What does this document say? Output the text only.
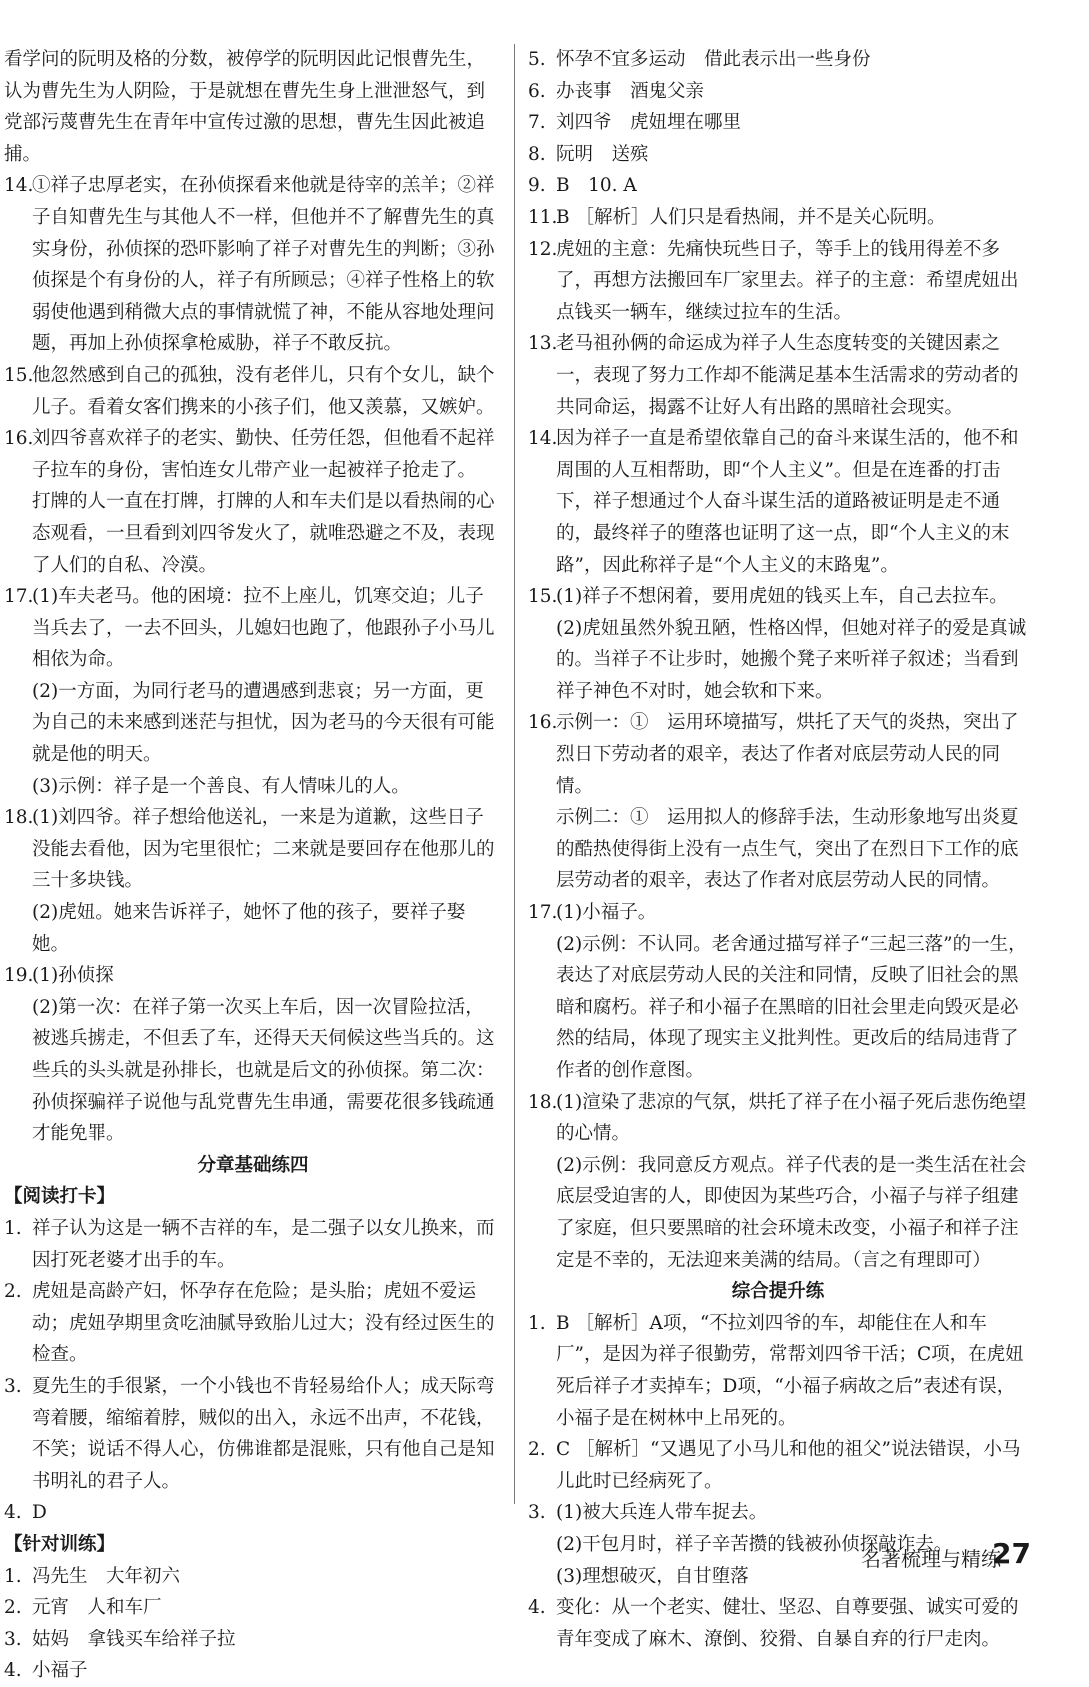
看学问的阮明及格的分数，被停学的阮明因此记恨曹先生，认为曹先生为人阴险，于是就想在曹先生身上泄泄怒气，到党部污蔑曹先生在青年中宣传过激的思想，曹先生因此被追捕。
14.
①祥子忠厚老实，在孙侦探看来他就是待宰的羔羊；②祥子自知曹先生与其他人不一样，但他并不了解曹先生的真实身份，孙侦探的恐吓影响了祥子对曹先生的判断；③孙侦探是个有身份的人，祥子有所顾忌；④祥子性格上的软弱使他遇到稍微大点的事情就慌了神，不能从容地处理问题，再加上孙侦探拿枪威胁，祥子不敢反抗。
15.
他忽然感到自己的孤独，没有老伴儿，只有个女儿，缺个儿子。看着女客们携来的小孩子们，他又羡慕，又嫉妒。
16.
刘四爷喜欢祥子的老实、勤快、任劳任怨，但他看不起祥子拉车的身份，害怕连女儿带产业一起被祥子抢走了。
打牌的人一直在打牌，打牌的人和车夫们是以看热闹的心态观看，一旦看到刘四爷发火了，就唯恐避之不及，表现了人们的自私、冷漠。
17.
(1)车夫老马。他的困境：拉不上座儿，饥寒交迫；儿子当兵去了，一去不回头，儿媳妇也跑了，他跟孙子小马儿相依为命。
(2)一方面，为同行老马的遭遇感到悲哀；另一方面，更为自己的未来感到迷茫与担忧，因为老马的今天很有可能就是他的明天。
(3)示例：祥子是一个善良、有人情味儿的人。
18.
(1)刘四爷。祥子想给他送礼，一来是为道歉，这些日子没能去看他，因为宅里很忙；二来就是要回存在他那儿的三十多块钱。
(2)虎妞。她来告诉祥子，她怀了他的孩子，要祥子娶她。
19.
(1)孙侦探
(2)第一次：在祥子第一次买上车后，因一次冒险拉活，被逃兵掳走，不但丢了车，还得天天伺候这些当兵的。这些兵的头头就是孙排长，也就是后文的孙侦探。第二次：孙侦探骗祥子说他与乱党曹先生串通，需要花很多钱疏通才能免罪。
分章基础练四
【阅读打卡】
1. 祥子认为这是一辆不吉祥的车，是二强子以女儿换来，而因打死老婆才出手的车。
2. 虎妞是高龄产妇，怀孕存在危险；是头胎；虎妞不爱运动；虎妞孕期里贪吃油腻导致胎儿过大；没有经过医生的检查。
3. 夏先生的手很紧，一个小钱也不肯轻易给仆人；成天际弯弯着腰，缩缩着脖，贼似的出入，永远不出声，不花钱，不笑；说话不得人心，仿佛谁都是混账，只有他自己是知书明礼的君子人。
4. D
【针对训练】
1. 冯先生　大年初六
2. 元宵　人和车厂
3. 姑妈　拿钱买车给祥子拉
4. 小福子
5. 怀孕不宜多运动　借此表示出一些身份
6. 办丧事　酒鬼父亲
7. 刘四爷　虎妞埋在哪里
8. 阮明　送殡
9. B　10. A
11.
B ［解析］人们只是看热闹，并不是关心阮明。
12.
虎妞的主意：先痛快玩些日子，等手上的钱用得差不多了，再想方法搬回车厂家里去。祥子的主意：希望虎妞出点钱买一辆车，继续过拉车的生活。
13.
老马祖孙俩的命运成为祥子人生态度转变的关键因素之一，表现了努力工作却不能满足基本生活需求的劳动者的共同命运，揭露不让好人有出路的黑暗社会现实。
14.
因为祥子一直是希望依靠自己的奋斗来谋生活的，他不和周围的人互相帮助，即“个人主义”。但是在连番的打击下，祥子想通过个人奋斗谋生活的道路被证明是走不通的，最终祥子的堕落也证明了这一点，即“个人主义的末路”，因此称祥子是“个人主义的末路鬼”。
15.
(1)祥子不想闲着，要用虎妞的钱买上车，自己去拉车。
(2)虎妞虽然外貌丑陋，性格凶悍，但她对祥子的爱是真诚的。当祥子不让步时，她搬个凳子来听祥子叙述；当看到祥子神色不对时，她会软和下来。
16.
示例一：①　运用环境描写，烘托了天气的炎热，突出了烈日下劳动者的艰辛，表达了作者对底层劳动人民的同情。
示例二：①　运用拟人的修辞手法，生动形象地写出炎夏的酷热使得街上没有一点生气，突出了在烈日下工作的底层劳动者的艰辛，表达了作者对底层劳动人民的同情。
17.
(1)小福子。
(2)示例：不认同。老舍通过描写祥子“三起三落”的一生，表达了对底层劳动人民的关注和同情，反映了旧社会的黑暗和腐朽。祥子和小福子在黑暗的旧社会里走向毁灭是必然的结局，体现了现实主义批判性。更改后的结局违背了作者的创作意图。
18.
(1)渲染了悲凉的气氛，烘托了祥子在小福子死后悲伤绝望的心情。
(2)示例：我同意反方观点。祥子代表的是一类生活在社会底层受迫害的人，即使因为某些巧合，小福子与祥子组建了家庭，但只要黑暗的社会环境未改变，小福子和祥子注定是不幸的，无法迎来美满的结局。（言之有理即可）
综合提升练
1. B ［解析］A项，“不拉刘四爷的车，却能住在人和车厂”，是因为祥子很勤劳，常帮刘四爷干活；C项，在虎妞死后祥子才卖掉车；D项，“小福子病故之后”表述有误，小福子是在树林中上吊死的。
2. C ［解析］“又遇见了小马儿和他的祖父”说法错误，小马儿此时已经病死了。
3. (1)被大兵连人带车捉去。
(2)干包月时，祥子辛苦攒的钱被孙侦探敲诈去。
(3)理想破灭，自甘堕落
4. 变化：从一个老实、健壮、坚忍、自尊要强、诚实可爱的青年变成了麻木、潦倒、狡猾、自暴自弃的行尸走肉。
名著梳理与精练
27
